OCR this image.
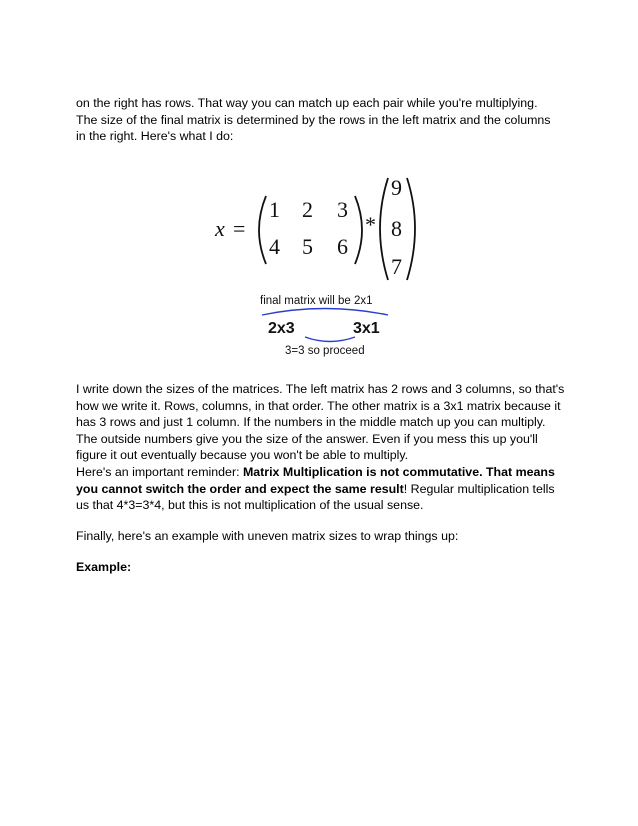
on the right has rows. That way you can match up each pair while you're multiplying.
The size of the final matrix is determined by the rows in the left matrix and the columns
in the right. Here's what I do:
x =
1 2 3
4 5 6
*
9
8
7
final matrix will be 2x1
2x3	3x1
3=3 so proceed
I write down the sizes of the matrices. The left matrix has 2 rows and 3 columns, so that's how we write it. Rows, columns, in that order. The other matrix is a 3x1 matrix because it has 3 rows and just 1 column. If the numbers in the middle match up you can multiply. The outside numbers give you the size of the answer. Even if you mess this up you'll figure it out eventually because you won't be able to multiply.
Here's an important reminder: Matrix Multiplication is not commutative. That means you cannot switch the order and expect the same result! Regular multiplication tells us that 4*3=3*4, but this is not multiplication of the usual sense.
Finally, here's an example with uneven matrix sizes to wrap things up:
Example:
